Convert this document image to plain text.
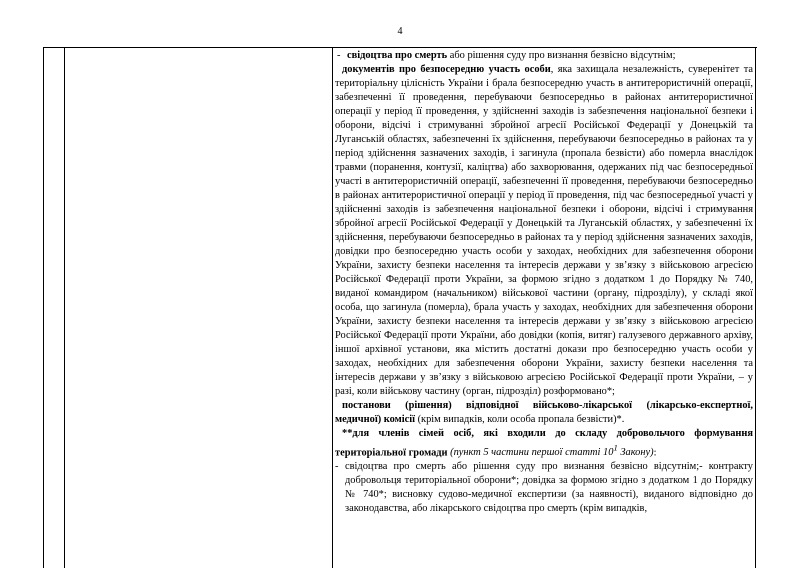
4
- свідоцтва про смерть або рішення суду про визнання безвісно відсутнім;

документів про безпосередню участь особи, яка захищала незалежність, суверенітет та територіальну цілісність України і брала безпосередню участь в антитерористичній операції, забезпеченні її проведення, перебуваючи безпосередньо в районах антитерористичної операції у період її проведення, у здійсненні заходів із забезпечення національної безпеки і оборони, відсічі і стримуванні збройної агресії Російської Федерації у Донецькій та Луганській областях, забезпеченні їх здійснення, перебуваючи безпосередньо в районах та у період здійснення зазначених заходів, і загинула (пропала безвісти) або померла внаслідок травми (поранення, контузії, каліцтва) або захворювання, одержаних під час безпосередньої участі в антитерористичній операції, забезпеченні її проведення, перебуваючи безпосередньо в районах антитерористичної операції у період її проведення, під час безпосередньої участі у здійсненні заходів із забезпечення національної безпеки і оборони, відсічі і стримування збройної агресії Російської Федерації у Донецькій та Луганській областях, у забезпеченні їх здійснення, перебуваючи безпосередньо в районах та у період здійснення зазначених заходів, довідки про безпосередню участь особи у заходах, необхідних для забезпечення оборони України, захисту безпеки населення та інтересів держави у зв’язку з військовою агресією Російської Федерації проти України, за формою згідно з додатком 1 до Порядку № 740, виданої командиром (начальником) військової частини (органу, підрозділу), у складі якої особа, що загинула (померла), брала участь у заходах, необхідних для забезпечення оборони України, захисту безпеки населення та інтересів держави у зв’язку з військовою агресією Російської Федерації проти України, або довідки (копія, витяг) галузевого державного архіву, іншої архівної установи, яка містить достатні докази про безпосередню участь особи у заходах, необхідних для забезпечення оборони України, захисту безпеки населення та інтересів держави у зв’язку з військовою агресією Російської Федерації проти України, – у разі, коли військову частину (орган, підрозділ) розформовано*;

постанови (рішення) відповідної військово-лікарської (лікарсько-експертної, медичної) комісії (крім випадків, коли особа пропала безвісти)*.

**для членів сімей осіб, які входили до складу добровольчого формування територіальної громади (пункт 5 частини першої статті $10^1$ Закону):

- свідоцтва про смерть або рішення суду про визнання безвісно відсутнім;- контракту добровольця територіальної оборони*; довідка за формою згідно з додатком 1 до Порядку № 740*; висновку судово-медичної експертизи (за наявності), виданого відповідно до законодавства, або лікарського свідоцтва про смерть (крім випадків,
